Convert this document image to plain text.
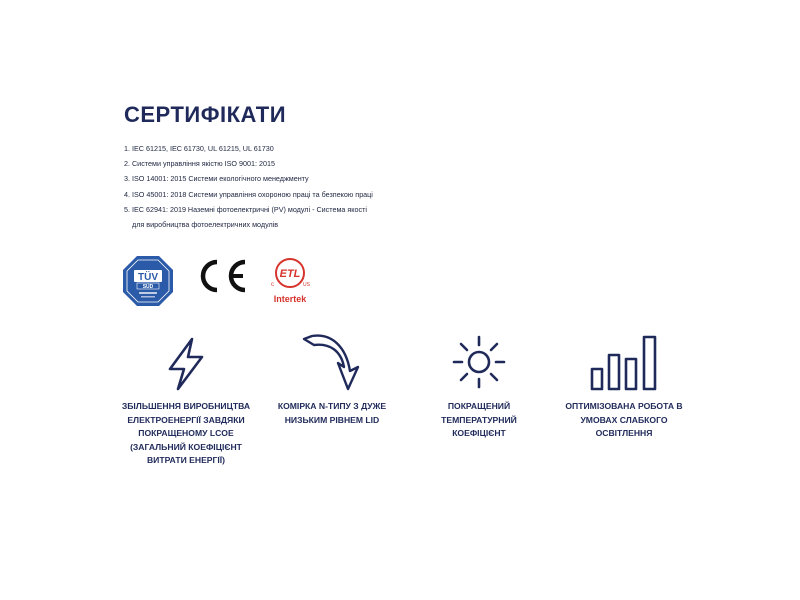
СЕРТИФІКАТИ
1. IEC 61215, IEC 61730, UL 61215, UL 61730
2. Системи управління якістю ISO 9001: 2015
3. ISO 14001: 2015 Системи екологічного менеджменту
4. ISO 45001: 2018 Системи управління охороною праці та безпекою праці
5. IEC 62941: 2019 Наземні фотоелектричні (PV) модулі - Система якості
для виробництва фотоелектричних модулів
TÜV
SÜD
ETL
c	US
Intertek
ЗБІЛЬШЕННЯ ВИРОБНИЦТВА ЕЛЕКТРОЕНЕРГІЇ ЗАВДЯКИ ПОКРАЩЕНОМУ LCOE (ЗАГАЛЬНИЙ КОЕФІЦІЄНТ ВИТРАТИ ЕНЕРГІЇ)
КОМІРКА N-ТИПУ З ДУЖЕ НИЗЬКИМ РІВНЕМ LID
ПОКРАЩЕНИЙ ТЕМПЕРАТУРНИЙ КОЕФІЦІЄНТ
ОПТИМІЗОВАНА РОБОТА В УМОВАХ СЛАБКОГО ОСВІТЛЕННЯ
